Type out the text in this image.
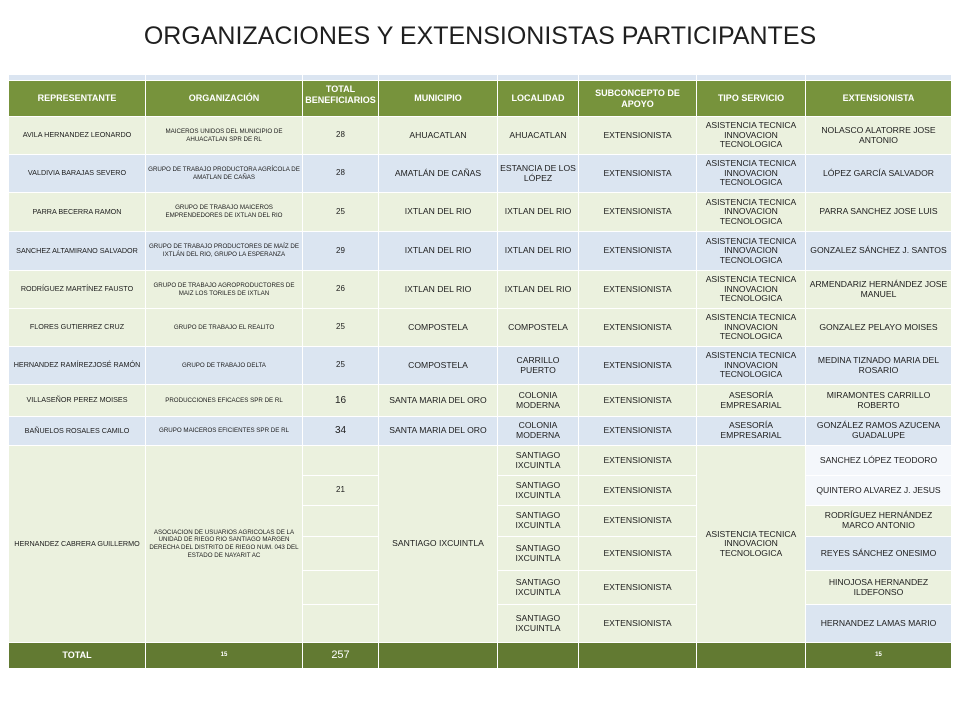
ORGANIZACIONES Y EXTENSIONISTAS PARTICIPANTES

REPRESENTANTE	ORGANIZACIÓN	TOTAL BENEFICIARIOS	MUNICIPIO	LOCALIDAD	SUBCONCEPTO DE APOYO	TIPO SERVICIO	EXTENSIONISTA
AVILA HERNANDEZ LEONARDO	MAICEROS UNIDOS DEL MUNICIPIO DE AHUACATLAN SPR DE RL	28	AHUACATLAN	AHUACATLAN	EXTENSIONISTA	ASISTENCIA TECNICA INNOVACION TECNOLOGICA	NOLASCO ALATORRE JOSE ANTONIO
VALDIVIA BARAJAS SEVERO	GRUPO DE TRABAJO PRODUCTORA AGRÍCOLA DE AMATLAN DE CAÑAS	28	AMATLÁN DE CAÑAS	ESTANCIA DE LOS LÓPEZ	EXTENSIONISTA	ASISTENCIA TECNICA INNOVACION TECNOLOGICA	LÓPEZ GARCÍA SALVADOR
PARRA BECERRA RAMON	GRUPO DE TRABAJO MAICEROS EMPRENDEDORES DE IXTLAN DEL RIO	25	IXTLAN DEL RIO	IXTLAN DEL RIO	EXTENSIONISTA	ASISTENCIA TECNICA INNOVACION TECNOLOGICA	PARRA SANCHEZ JOSE LUIS
SANCHEZ ALTAMIRANO SALVADOR	GRUPO DE TRABAJO PRODUCTORES DE MAÍZ DE IXTLÁN DEL RIO, GRUPO LA ESPERANZA	29	IXTLAN DEL RIO	IXTLAN DEL RIO	EXTENSIONISTA	ASISTENCIA TECNICA INNOVACION TECNOLOGICA	GONZALEZ SÁNCHEZ J. SANTOS
RODRÍGUEZ MARTÍNEZ FAUSTO	GRUPO DE TRABAJO AGROPRODUCTORES DE MAIZ LOS TORILES DE IXTLAN	26	IXTLAN DEL RIO	IXTLAN DEL RIO	EXTENSIONISTA	ASISTENCIA TECNICA INNOVACION TECNOLOGICA	ARMENDARIZ HERNÁNDEZ JOSE MANUEL
FLORES GUTIERREZ CRUZ	GRUPO DE TRABAJO EL REALITO	25	COMPOSTELA	COMPOSTELA	EXTENSIONISTA	ASISTENCIA TECNICA INNOVACION TECNOLOGICA	GONZALEZ PELAYO MOISES
HERNANDEZ RAMÍREZJOSÉ RAMÓN	GRUPO DE TRABAJO DELTA	25	COMPOSTELA	CARRILLO PUERTO	EXTENSIONISTA	ASISTENCIA TECNICA INNOVACION TECNOLOGICA	MEDINA TIZNADO MARIA DEL ROSARIO
VILLASEÑOR PEREZ MOISES	PRODUCCIONES EFICACES SPR DE RL	16	SANTA MARIA DEL ORO	COLONIA MODERNA	EXTENSIONISTA	ASESORÍA EMPRESARIAL	MIRAMONTES CARRILLO ROBERTO
BAÑUELOS ROSALES CAMILO	GRUPO MAICEROS EFICIENTES SPR DE RL	34	SANTA MARIA DEL ORO	COLONIA MODERNA	EXTENSIONISTA	ASESORÍA EMPRESARIAL	GONZÁLEZ RAMOS AZUCENA GUADALUPE
HERNANDEZ CABRERA GUILLERMO	ASOCIACION DE USUARIOS AGRICOLAS DE LA UNIDAD DE RIEGO RIO SANTIAGO MARGEN DERECHA DEL DISTRITO DE RIEGO NUM. 043 DEL ESTADO DE NAYARIT AC		SANTIAGO IXCUINTLA	SANTIAGO IXCUINTLA	EXTENSIONISTA	ASISTENCIA TECNICA INNOVACION TECNOLOGICA	SANCHEZ LÓPEZ TEODORO
		21		SANTIAGO IXCUINTLA	EXTENSIONISTA		QUINTERO ALVAREZ J. JESUS
				SANTIAGO IXCUINTLA	EXTENSIONISTA		RODRÍGUEZ HERNÁNDEZ MARCO ANTONIO
				SANTIAGO IXCUINTLA	EXTENSIONISTA		REYES SÁNCHEZ ONESIMO
				SANTIAGO IXCUINTLA	EXTENSIONISTA		HINOJOSA HERNANDEZ ILDEFONSO
				SANTIAGO IXCUINTLA	EXTENSIONISTA		HERNANDEZ LAMAS MARIO
TOTAL	15	257					15
